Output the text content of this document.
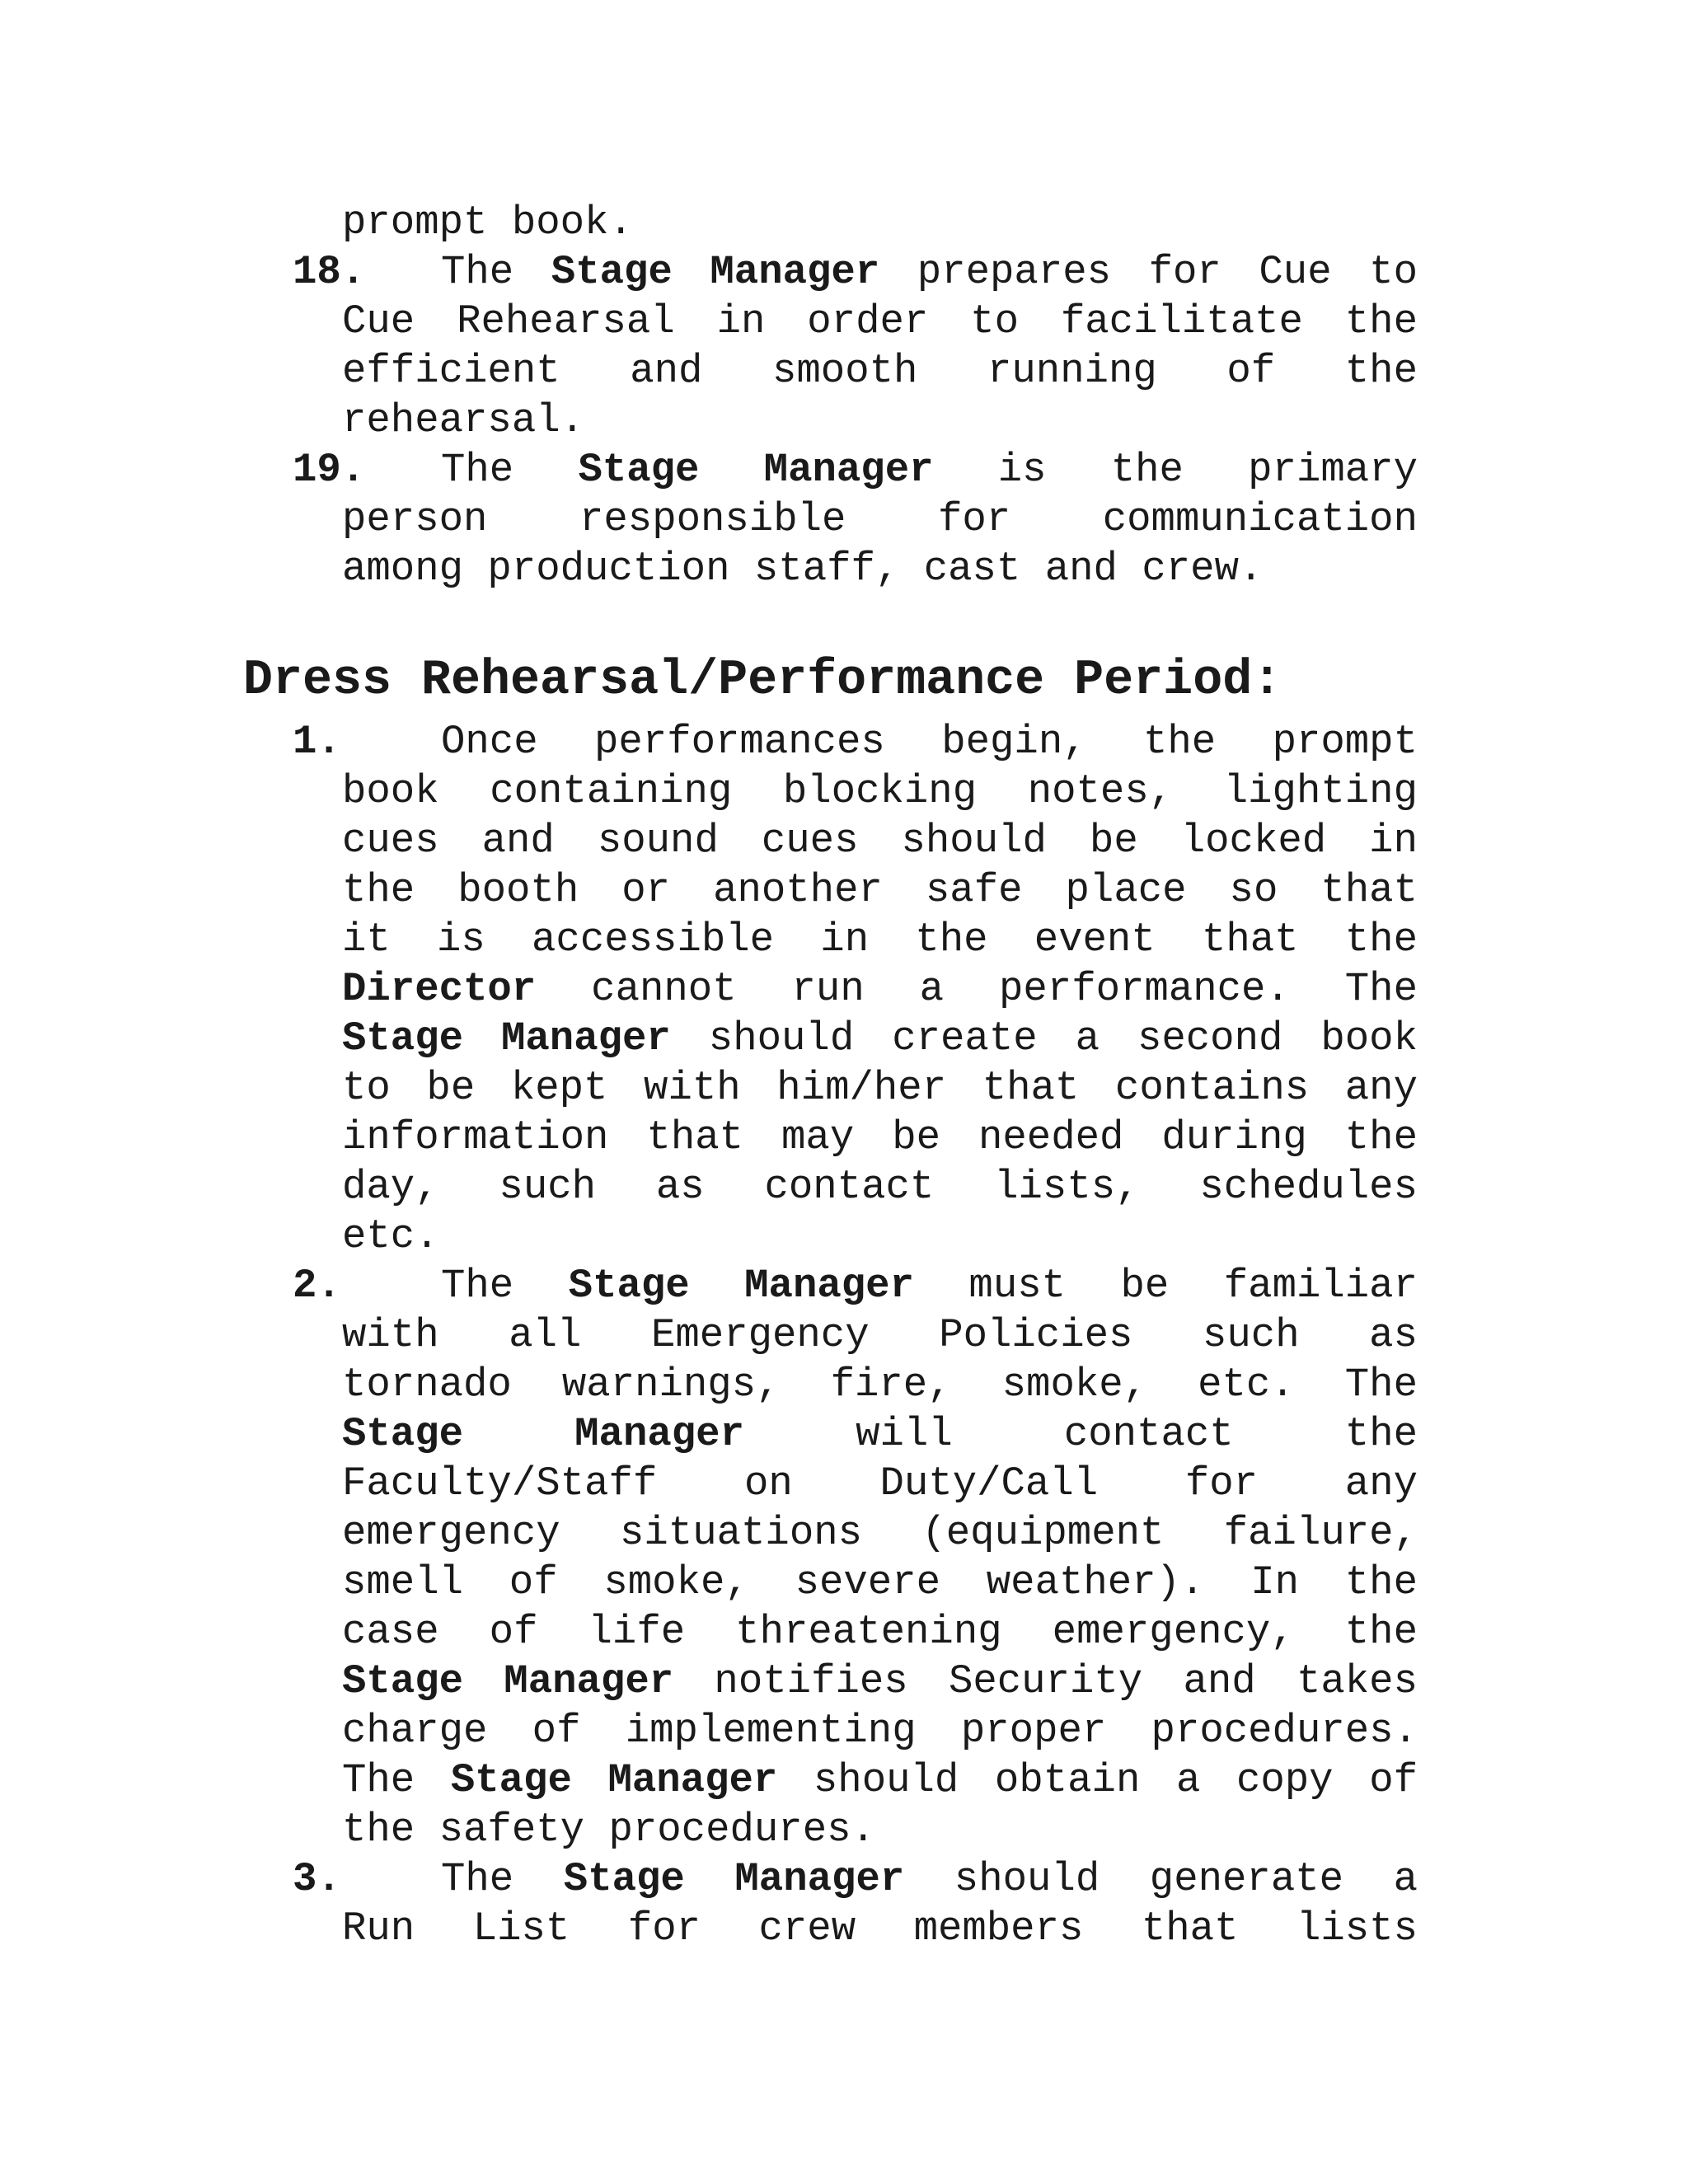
prompt book.
18. The Stage Manager prepares for Cue to
Cue Rehearsal in order to facilitate the
efficient and smooth running of the
rehearsal.
19. The Stage Manager is the primary
person responsible for communication
among production staff, cast and crew.
Dress Rehearsal/Performance Period:
1. Once performances begin, the prompt
book containing blocking notes, lighting
cues and sound cues should be locked in
the booth or another safe place so that
it is accessible in the event that the
Director cannot run a performance. The
Stage Manager should create a second book
to be kept with him/her that contains any
information that may be needed during the
day, such as contact lists, schedules
etc.
2. The Stage Manager must be familiar
with all Emergency Policies such as
tornado warnings, fire, smoke, etc. The
Stage Manager will contact the
Faculty/Staff on Duty/Call for any
emergency situations (equipment failure,
smell of smoke, severe weather). In the
case of life threatening emergency, the
Stage Manager notifies Security and takes
charge of implementing proper procedures.
The Stage Manager should obtain a copy of
the safety procedures.
3. The Stage Manager should generate a
Run List for crew members that lists
